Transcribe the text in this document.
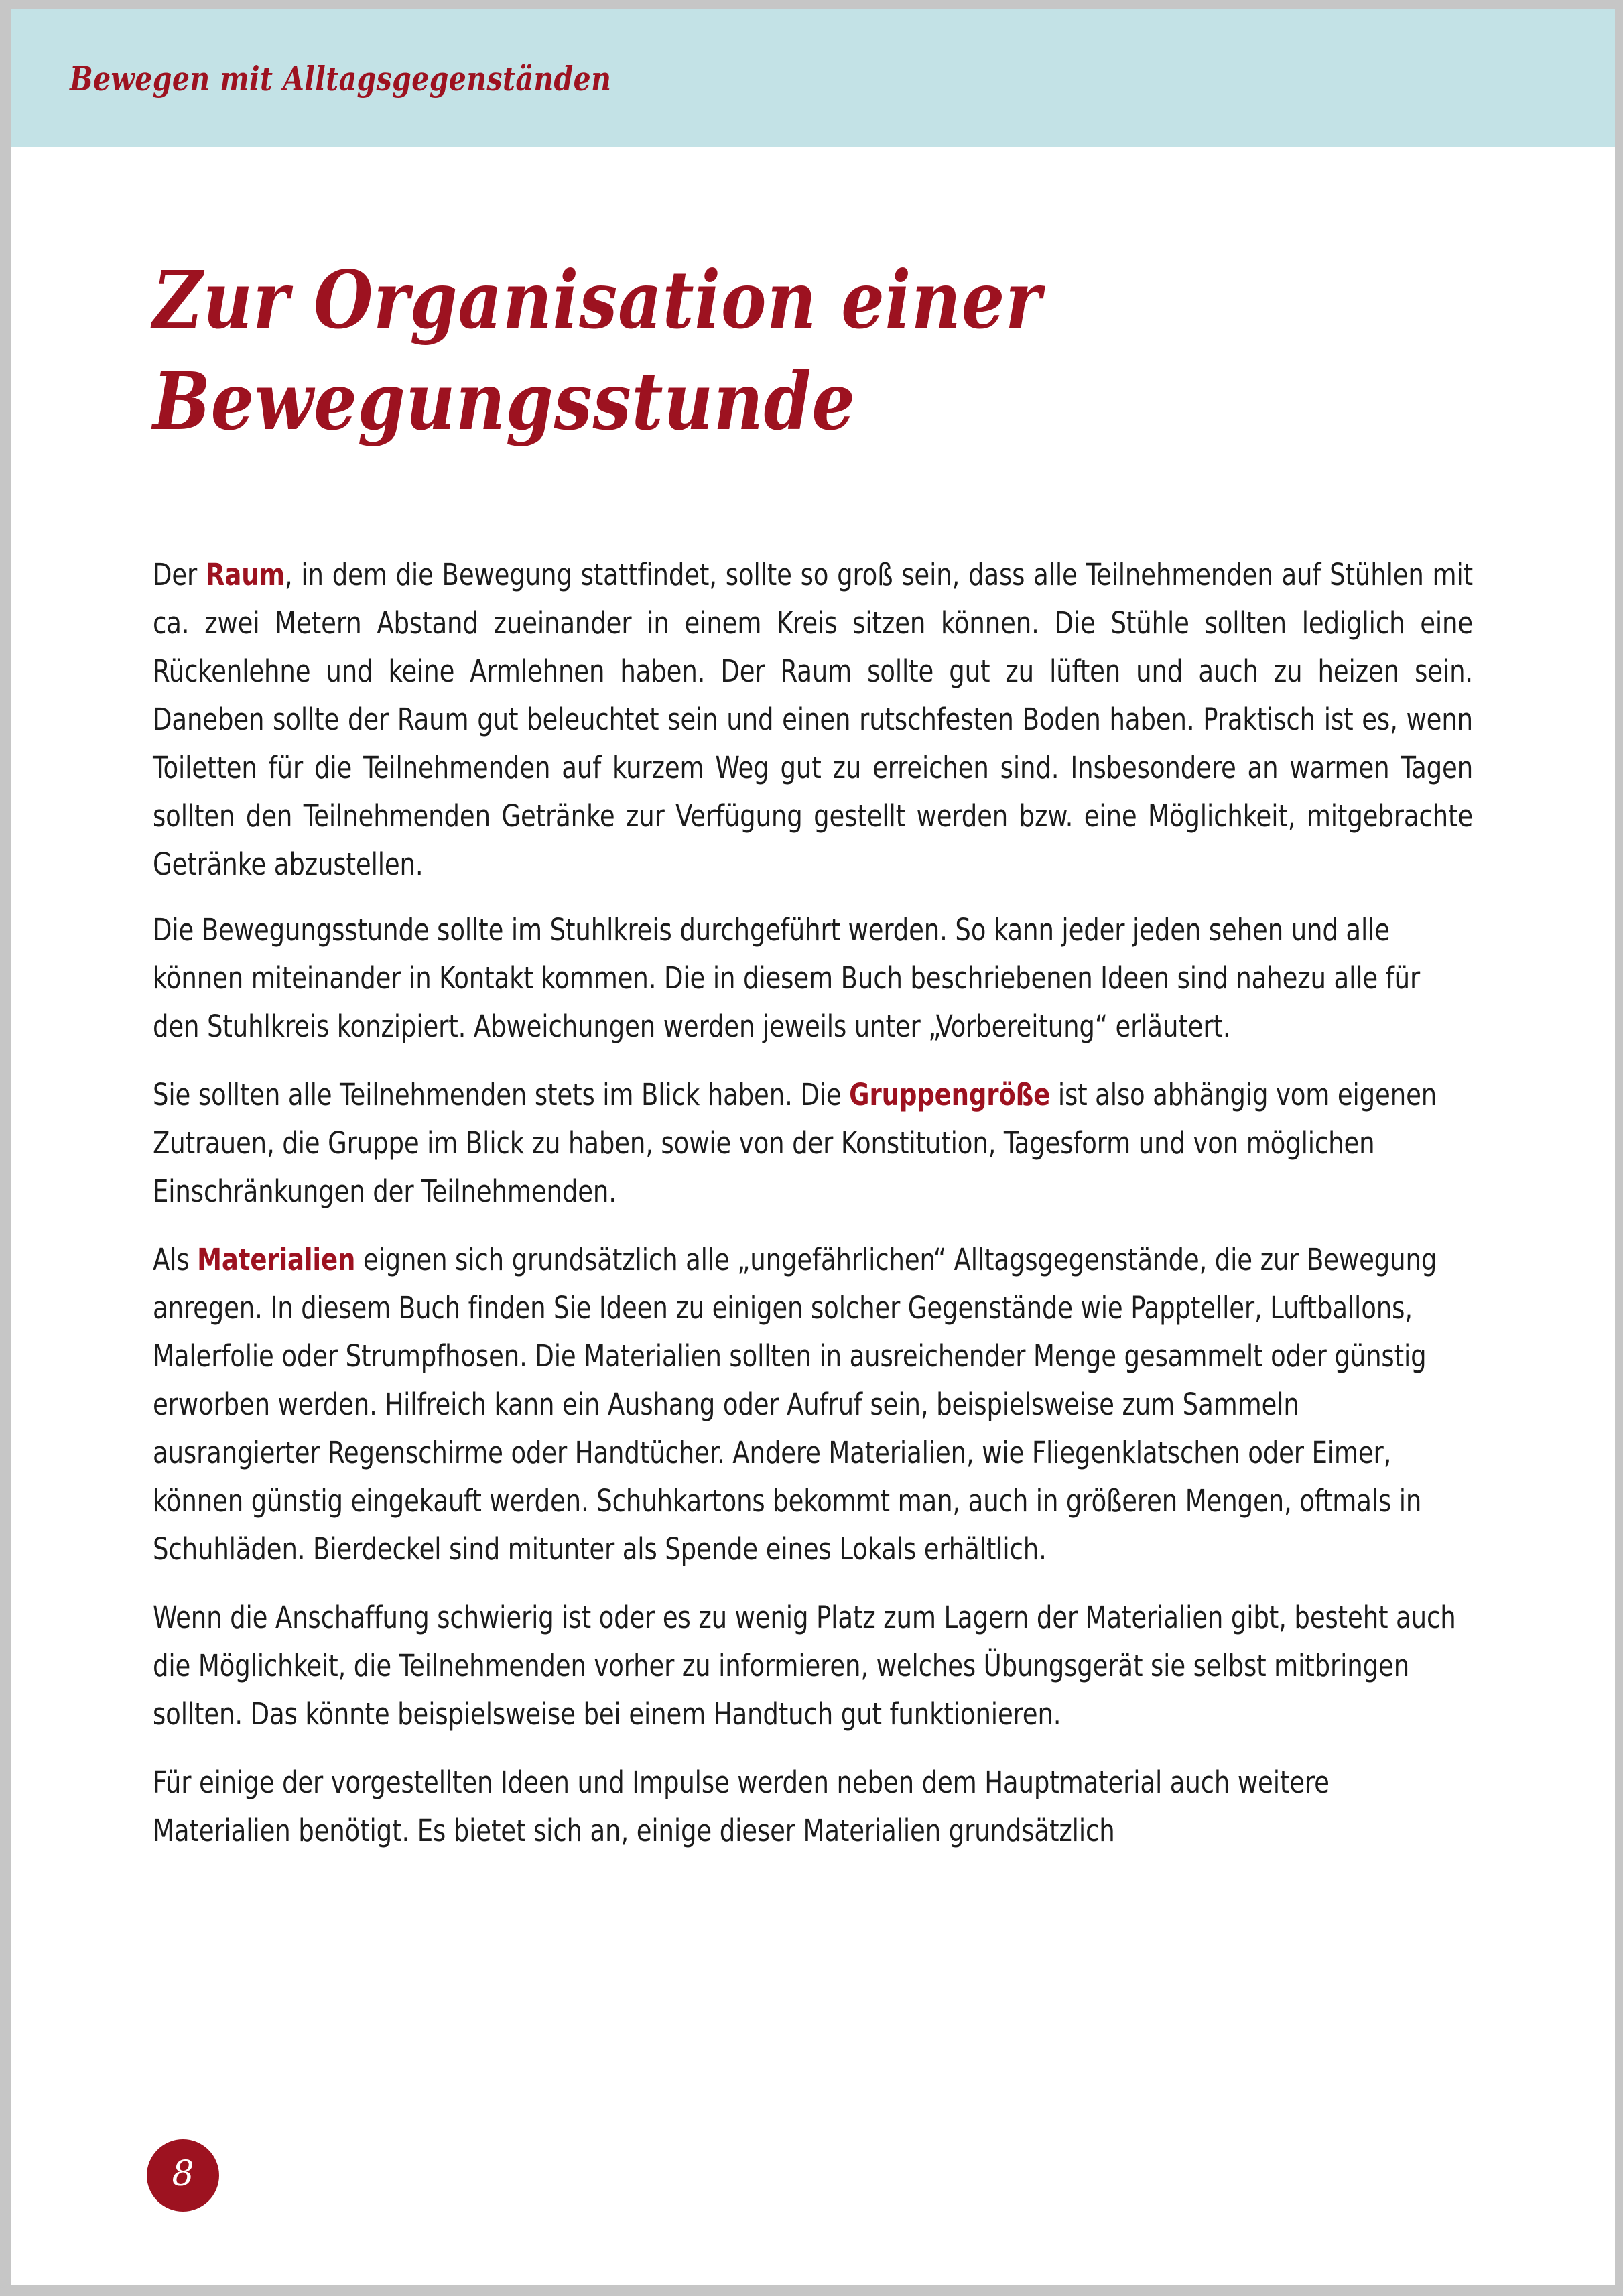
Bewegen mit Alltagsgegenständen
Zur Organisation einer
Bewegungsstunde

Der Raum, in dem die Bewegung stattfindet, sollte so groß sein, dass alle Teilnehmenden auf Stühlen mit ca. zwei Metern Abstand zueinander in einem Kreis sitzen können. Die Stühle sollten lediglich eine Rückenlehne und keine Armlehnen haben. Der Raum sollte gut zu lüften und auch zu heizen sein. Daneben sollte der Raum gut beleuchtet sein und einen rutschfesten Boden haben. Praktisch ist es, wenn Toiletten für die Teilnehmenden auf kurzem Weg gut zu erreichen sind. Insbesondere an warmen Tagen sollten den Teilnehmenden Getränke zur Verfügung gestellt werden bzw. eine Möglichkeit, mitgebrachte Getränke abzustellen.

Die Bewegungsstunde sollte im Stuhlkreis durchgeführt werden. So kann jeder jeden sehen und alle können miteinander in Kontakt kommen. Die in diesem Buch beschriebenen Ideen sind nahezu alle für den Stuhlkreis konzipiert. Abweichungen werden jeweils unter „Vorbereitung“ erläutert.

Sie sollten alle Teilnehmenden stets im Blick haben. Die Gruppengröße ist also abhängig vom eigenen Zutrauen, die Gruppe im Blick zu haben, sowie von der Konstitution, Tagesform und von möglichen Einschränkungen der Teilnehmenden.

Als Materialien eignen sich grundsätzlich alle „ungefährlichen“ Alltagsgegenstände, die zur Bewegung anregen. In diesem Buch finden Sie Ideen zu einigen solcher Gegenstände wie Pappteller, Luftballons, Malerfolie oder Strumpfhosen. Die Materialien sollten in ausreichender Menge gesammelt oder günstig erworben werden. Hilfreich kann ein Aushang oder Aufruf sein, beispielsweise zum Sammeln ausrangierter Regenschirme oder Handtücher. Andere Materialien, wie Fliegenklatschen oder Eimer, können günstig eingekauft werden. Schuhkartons bekommt man, auch in größeren Mengen, oftmals in Schuhläden. Bierdeckel sind mitunter als Spende eines Lokals erhältlich.

Wenn die Anschaffung schwierig ist oder es zu wenig Platz zum Lagern der Materialien gibt, besteht auch die Möglichkeit, die Teilnehmenden vorher zu informieren, welches Übungsgerät sie selbst mitbringen sollten. Das könnte beispielsweise bei einem Handtuch gut funktionieren.

Für einige der vorgestellten Ideen und Impulse werden neben dem Hauptmaterial auch weitere Materialien benötigt. Es bietet sich an, einige dieser Materialien grundsätzlich

8
